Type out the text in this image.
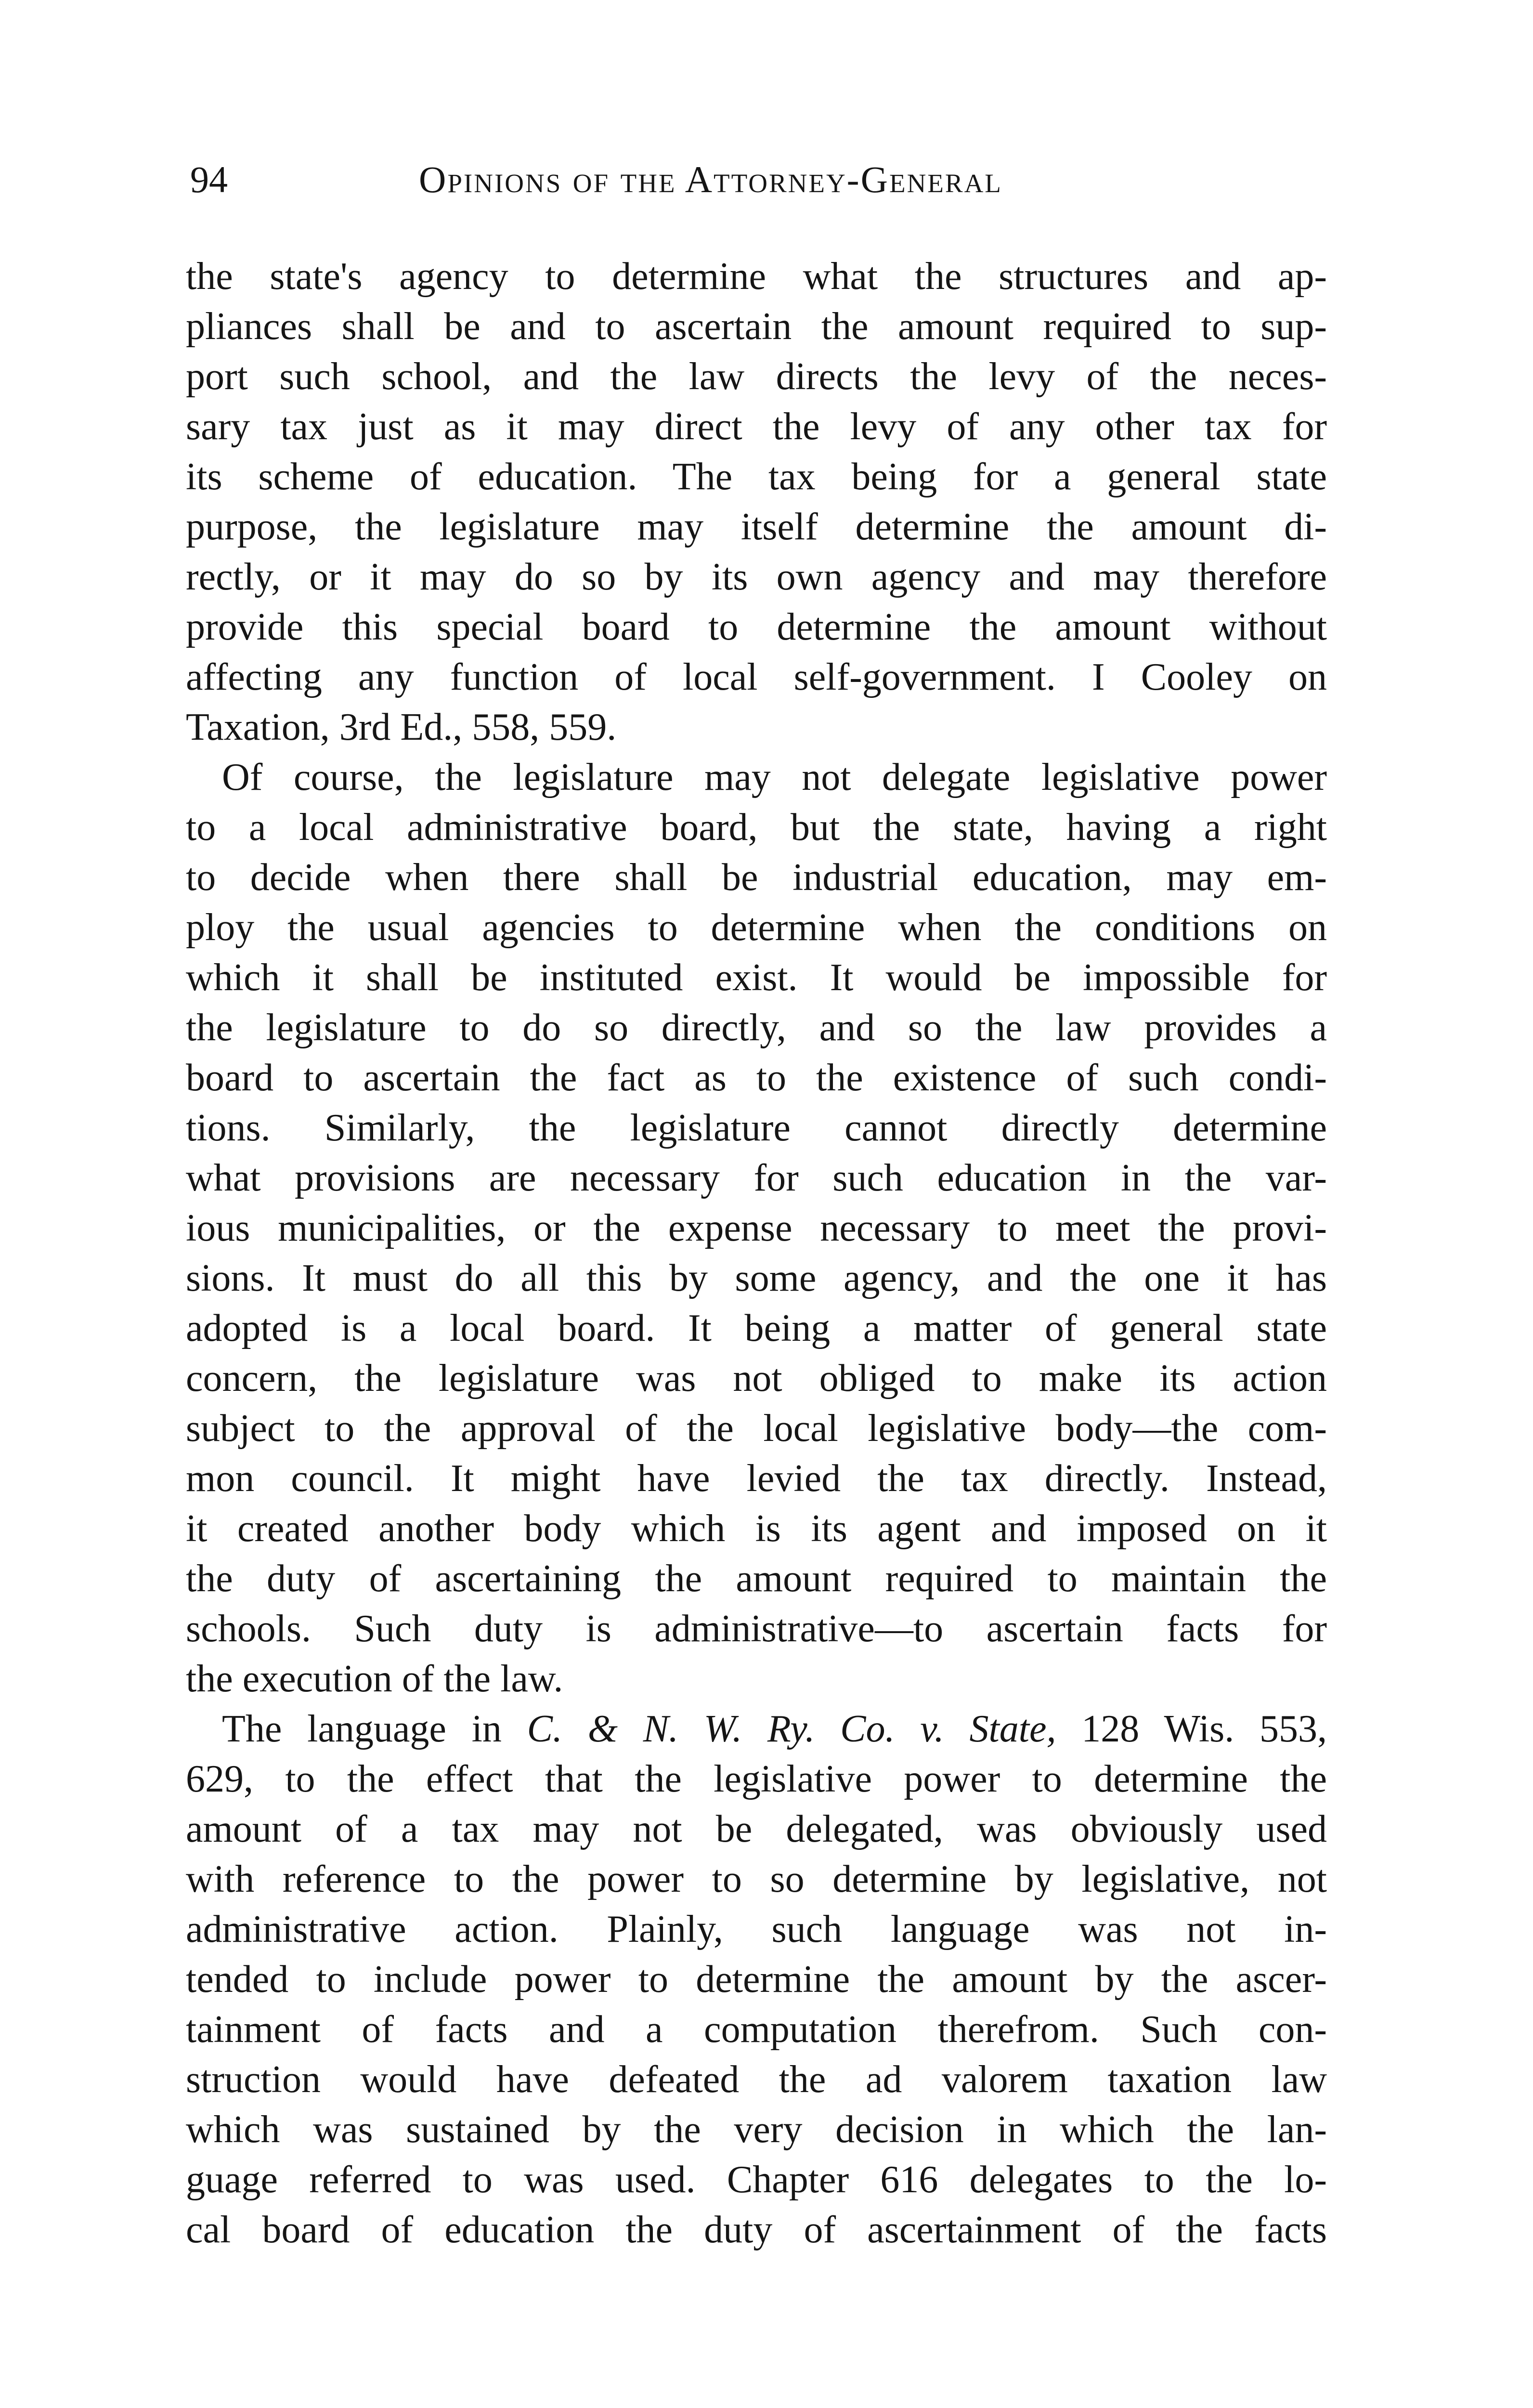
94	Opinions of the Attorney-General
the state's agency to determine what the structures and ap-
pliances shall be and to ascertain the amount required to sup-
port such school, and the law directs the levy of the neces-
sary tax just as it may direct the levy of any other tax for
its scheme of education. The tax being for a general state
purpose, the legislature may itself determine the amount di-
rectly, or it may do so by its own agency and may therefore
provide this special board to determine the amount without
affecting any function of local self-government. I Cooley on
Taxation, 3rd Ed., 558, 559.
Of course, the legislature may not delegate legislative power
to a local administrative board, but the state, having a right
to decide when there shall be industrial education, may em-
ploy the usual agencies to determine when the conditions on
which it shall be instituted exist. It would be impossible for
the legislature to do so directly, and so the law provides a
board to ascertain the fact as to the existence of such condi-
tions. Similarly, the legislature cannot directly determine
what provisions are necessary for such education in the var-
ious municipalities, or the expense necessary to meet the provi-
sions. It must do all this by some agency, and the one it has
adopted is a local board. It being a matter of general state
concern, the legislature was not obliged to make its action
subject to the approval of the local legislative body—the com-
mon council. It might have levied the tax directly. Instead,
it created another body which is its agent and imposed on it
the duty of ascertaining the amount required to maintain the
schools. Such duty is administrative—to ascertain facts for
the execution of the law.
The language in C. & N. W. Ry. Co. v. State, 128 Wis. 553,
629, to the effect that the legislative power to determine the
amount of a tax may not be delegated, was obviously used
with reference to the power to so determine by legislative, not
administrative action. Plainly, such language was not in-
tended to include power to determine the amount by the ascer-
tainment of facts and a computation therefrom. Such con-
struction would have defeated the ad valorem taxation law
which was sustained by the very decision in which the lan-
guage referred to was used. Chapter 616 delegates to the lo-
cal board of education the duty of ascertainment of the facts
